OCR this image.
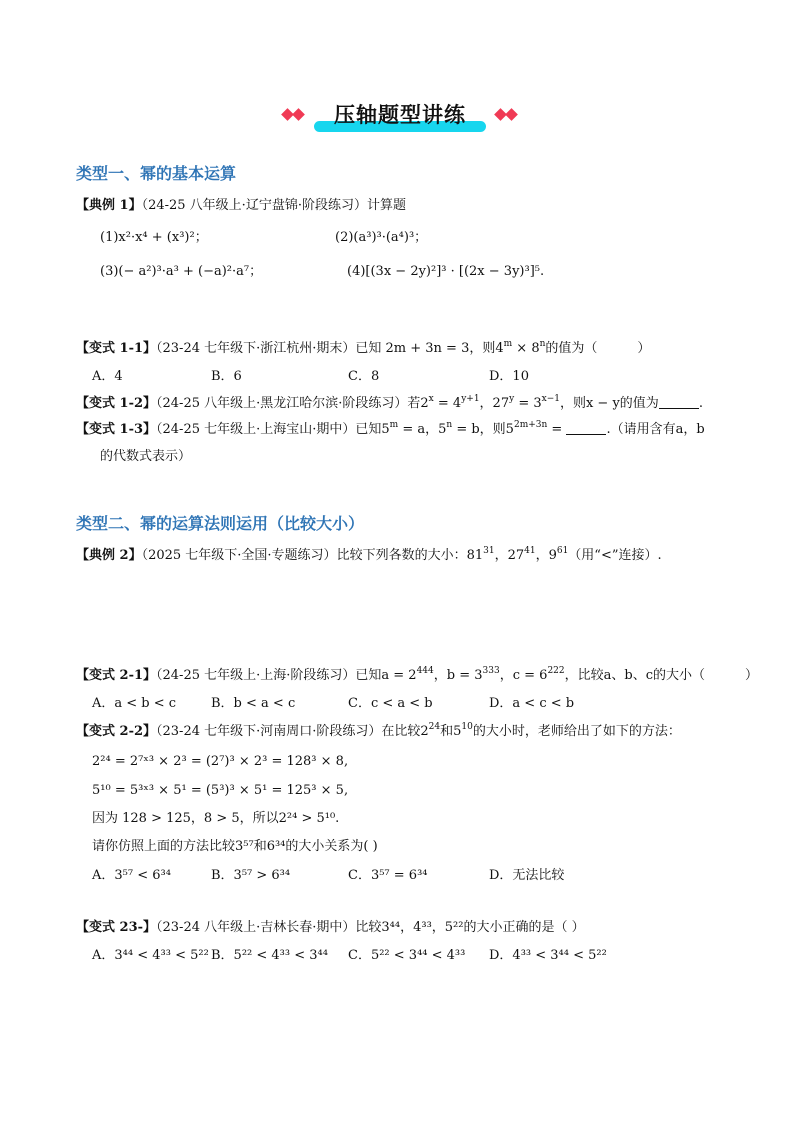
压轴题型讲练
类型一、幂的基本运算
【典例 1】（24-25 八年级上·辽宁盘锦·阶段练习）计算题
(1)x²·x⁴ + (x³)²；	(2)(a³)³·(a⁴)³；
(3)(− a²)³·a³ + (−a)²·a⁷；	(4)[(3x − 2y)²]³ · [(2x − 3y)³]⁵.
【变式 1-1】（23-24 七年级下·浙江杭州·期末）已知 2m + 3n = 3，则$4^m \times 8^n$的值为（	）
A．4	B．6	C．8	D．10
【变式 1-2】（24-25 八年级上·黑龙江哈尔滨·阶段练习）若$2^x = 4^{y+1}$，$27^y = 3^{x-1}$，则x − y的值为	.
【变式 1-3】（24-25 七年级上·上海宝山·期中）已知$5^m = a$，$5^n = b$，则$5^{2m+3n}$ =	.（请用含有a，b
的代数式表示）
类型二、幂的运算法则运用（比较大小）
【典例 2】（2025 七年级下·全国·专题练习）比较下列各数的大小：$81^{31}$，$27^{41}$，$9^{61}$（用“<”连接）.
【变式 2-1】（24-25 七年级上·上海·阶段练习）已知$a = 2^{444}$，$b = 3^{333}$，$c = 6^{222}$，比较a、b、c的大小（	）
A．a < b < c	B．b < a < c	C．c < a < b	D．a < c < b
【变式 2-2】（23-24 七年级下·河南周口·阶段练习）在比较$2^{24}$和$5^{10}$的大小时，老师给出了如下的方法：
2²⁴ = 2⁷ˣ³ × 2³ = (2⁷)³ × 2³ = 128³ × 8,
5¹⁰ = 5³ˣ³ × 5¹ = (5³)³ × 5¹ = 125³ × 5,
因为 128 > 125，8 > 5，所以2²⁴ > 5¹⁰.
请你仿照上面的方法比较3⁵⁷和6³⁴的大小关系为( )
A．3⁵⁷ < 6³⁴	B．3⁵⁷ > 6³⁴	C．3⁵⁷ = 6³⁴	D．无法比较
【变式 23-】（23-24 八年级上·吉林长春·期中）比较3⁴⁴，4³³，5²²的大小正确的是（ ）
A．3⁴⁴ < 4³³ < 5²² B．5²² < 4³³ < 3⁴⁴ C．5²² < 3⁴⁴ < 4³³ D．4³³ < 3⁴⁴ < 5²²
